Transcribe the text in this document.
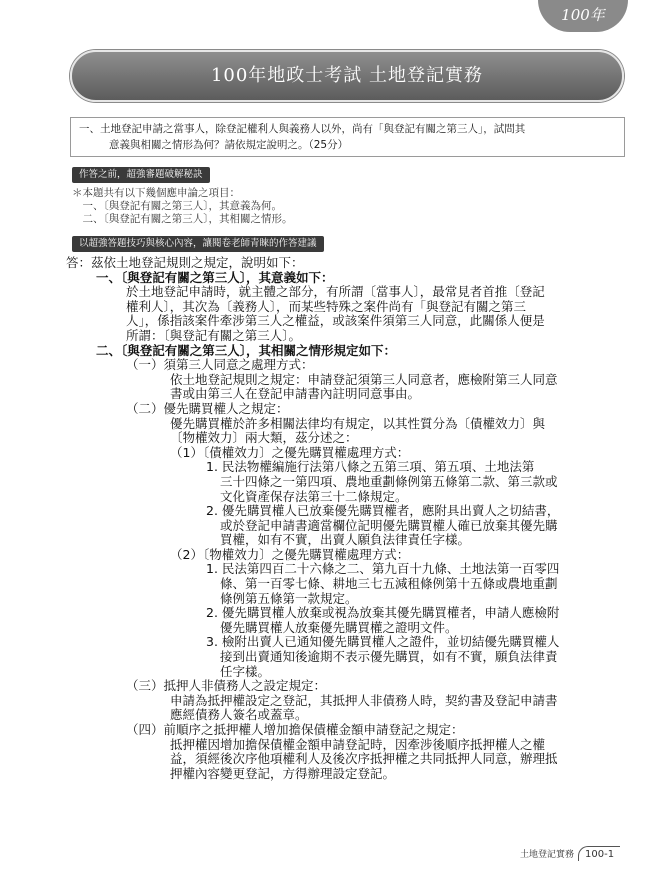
100年
100年地政士考試 土地登記實務
一、土地登記申請之當事人，除登記權利人與義務人以外，尚有「與登記有關之第三人」，試問其
意義與相關之情形為何？請依規定說明之。（25分）
作答之前，超強審題破解秘訣
＊本題共有以下幾個應申論之項目：
　一、〔與登記有關之第三人〕，其意義為何。
　二、〔與登記有關之第三人〕，其相關之情形。
以超強答題技巧與核心內容，讓閱卷老師青睞的作答建議
答：茲依土地登記規則之規定，說明如下：
一、〔與登記有關之第三人〕，其意義如下：
於土地登記申請時，就主體之部分，有所謂〔當事人〕，最常見者首推〔登記
權利人〕，其次為〔義務人〕，而某些特殊之案件尚有「與登記有關之第三
人」，係指該案件牽涉第三人之權益，或該案件須第三人同意，此關係人便是
所謂：〔與登記有關之第三人〕。
二、〔與登記有關之第三人〕，其相關之情形規定如下：
（一）須第三人同意之處理方式：
依土地登記規則之規定：申請登記須第三人同意者，應檢附第三人同意
書或由第三人在登記申請書內註明同意事由。
（二）優先購買權人之規定：
優先購買權於許多相關法律均有規定，以其性質分為〔債權效力〕與
〔物權效力〕兩大類，茲分述之：
（1）〔債權效力〕之優先購買權處理方式：
1. 民法物權編施行法第八條之五第三項、第五項、土地法第
三十四條之一第四項、農地重劃條例第五條第二款、第三款或
文化資產保存法第三十二條規定。
2. 優先購買權人已放棄優先購買權者，應附具出賣人之切結書，
或於登記申請書適當欄位記明優先購買權人確已放棄其優先購
買權，如有不實，出賣人願負法律責任字樣。
（2）〔物權效力〕之優先購買權處理方式：
1. 民法第四百二十六條之二、第九百十九條、土地法第一百零四
條、第一百零七條、耕地三七五減租條例第十五條或農地重劃
條例第五條第一款規定。
2. 優先購買權人放棄或視為放棄其優先購買權者，申請人應檢附
優先購買權人放棄優先購買權之證明文件。
3. 檢附出賣人已通知優先購買權人之證件，並切結優先購買權人
接到出賣通知後逾期不表示優先購買，如有不實，願負法律責
任字樣。
（三）抵押人非債務人之設定規定：
申請為抵押權設定之登記，其抵押人非債務人時，契約書及登記申請書
應經債務人簽名或蓋章。
（四）前順序之抵押權人增加擔保債權金額申請登記之規定：
抵押權因增加擔保債權金額申請登記時，因牽涉後順序抵押權人之權
益，須經後次序他項權利人及後次序抵押權之共同抵押人同意，辦理抵
押權內容變更登記，方得辦理設定登記。
土地登記實務	100-1
